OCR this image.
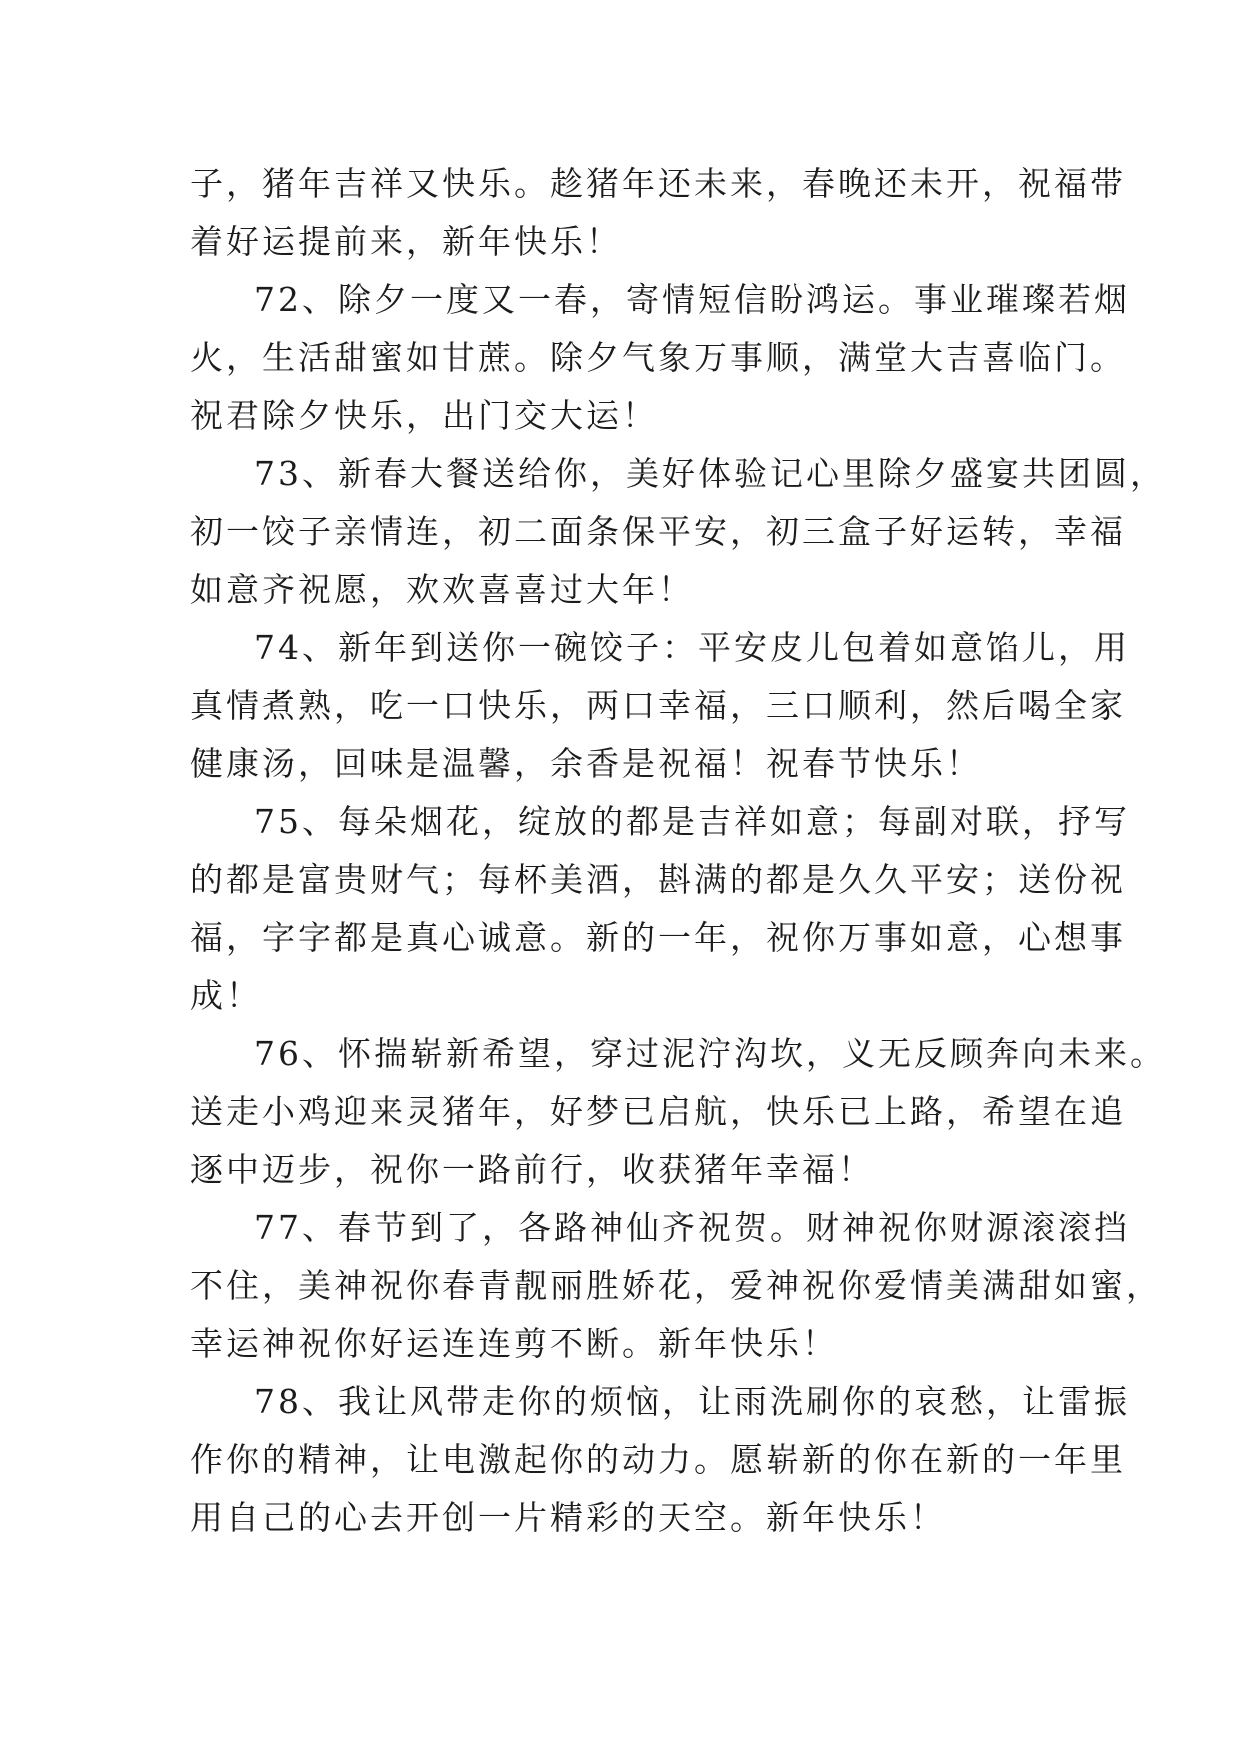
子，猪年吉祥又快乐。趁猪年还未来，春晚还未开，祝福带
着好运提前来，新年快乐！
72、除夕一度又一春，寄情短信盼鸿运。事业璀璨若烟
火，生活甜蜜如甘蔗。除夕气象万事顺，满堂大吉喜临门。
祝君除夕快乐，出门交大运！
73、新春大餐送给你，美好体验记心里除夕盛宴共团圆，
初一饺子亲情连，初二面条保平安，初三盒子好运转，幸福
如意齐祝愿，欢欢喜喜过大年！
74、新年到送你一碗饺子：平安皮儿包着如意馅儿，用
真情煮熟，吃一口快乐，两口幸福，三口顺利，然后喝全家
健康汤，回味是温馨，余香是祝福！祝春节快乐！
75、每朵烟花，绽放的都是吉祥如意；每副对联，抒写
的都是富贵财气；每杯美酒，斟满的都是久久平安；送份祝
福，字字都是真心诚意。新的一年，祝你万事如意，心想事
成！
76、怀揣崭新希望，穿过泥泞沟坎，义无反顾奔向未来。
送走小鸡迎来灵猪年，好梦已启航，快乐已上路，希望在追
逐中迈步，祝你一路前行，收获猪年幸福！
77、春节到了，各路神仙齐祝贺。财神祝你财源滚滚挡
不住，美神祝你春青靓丽胜娇花，爱神祝你爱情美满甜如蜜，
幸运神祝你好运连连剪不断。新年快乐！
78、我让风带走你的烦恼，让雨洗刷你的哀愁，让雷振
作你的精神，让电激起你的动力。愿崭新的你在新的一年里
用自己的心去开创一片精彩的天空。新年快乐！
